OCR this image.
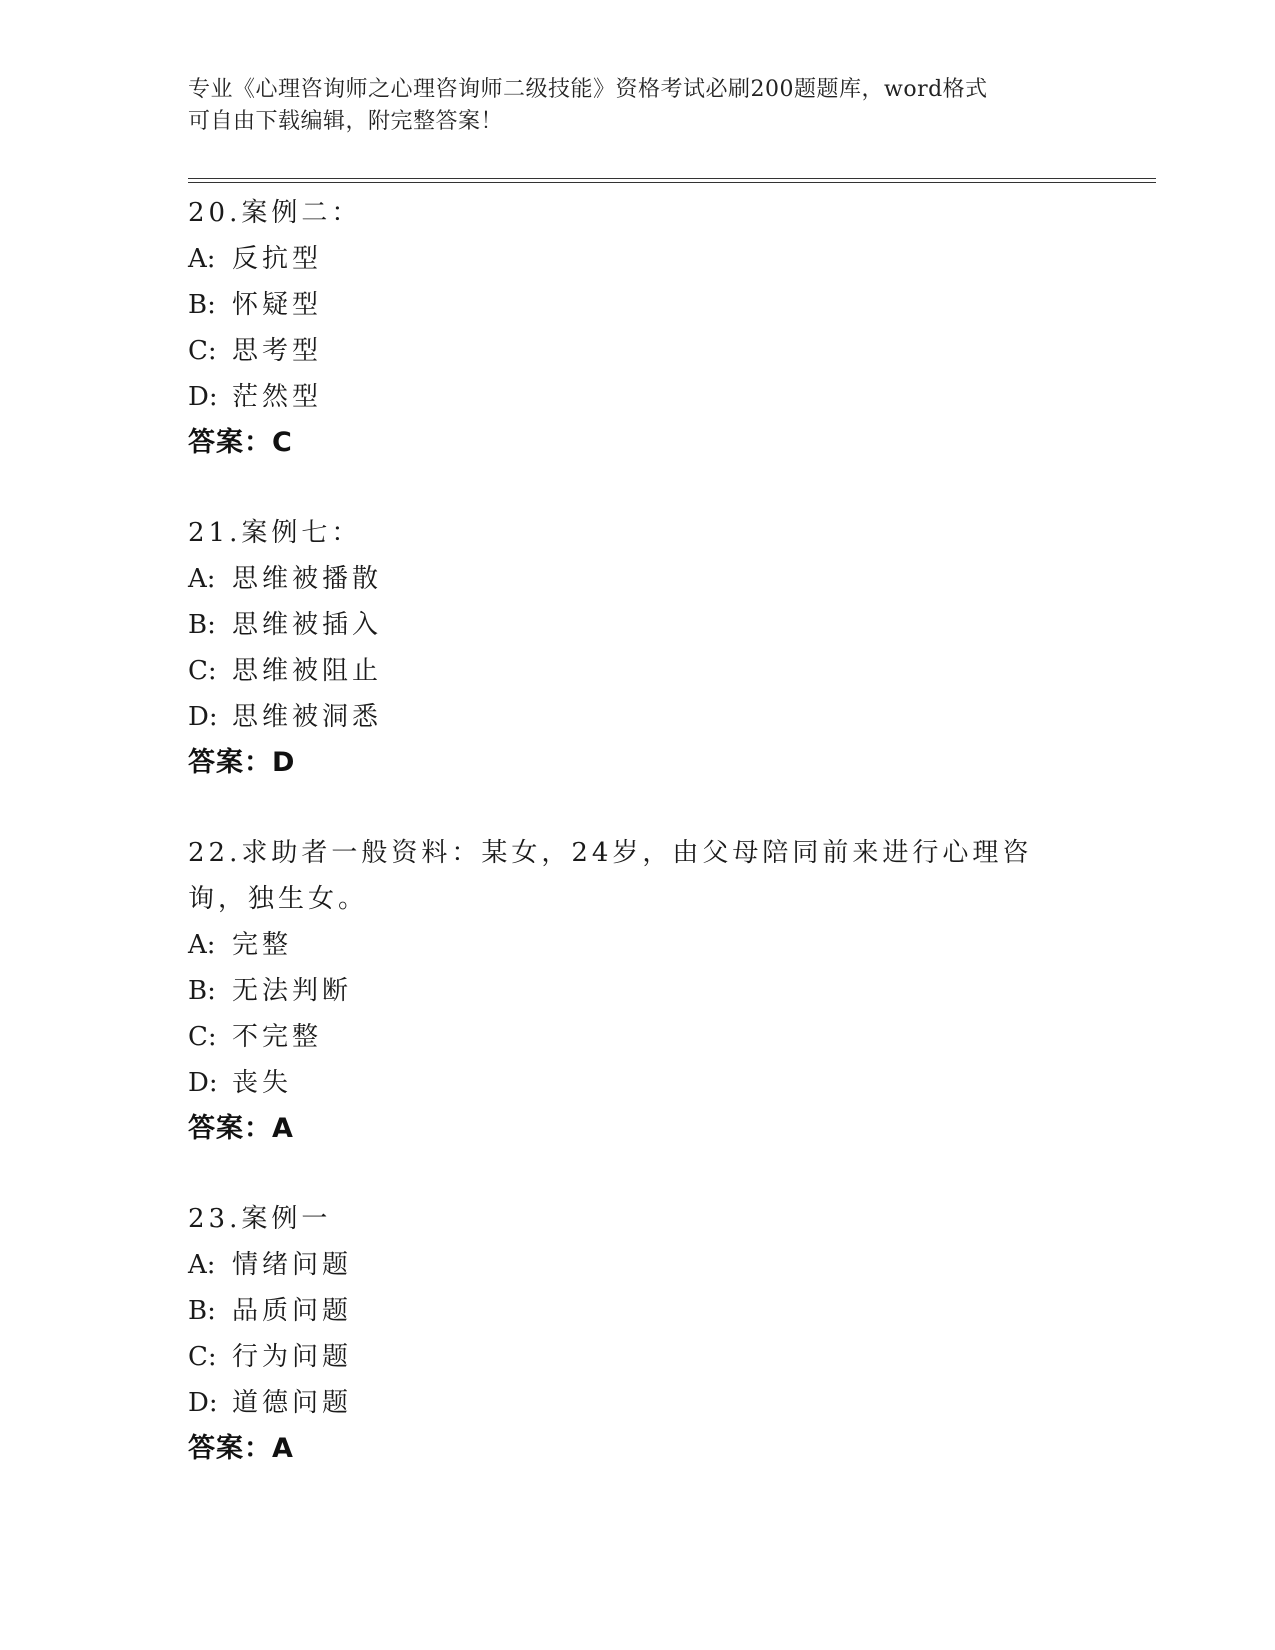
专业《心理咨询师之心理咨询师二级技能》资格考试必刷200题题库，word格式
可自由下载编辑，附完整答案！
20.案例二：
A: 反抗型
B: 怀疑型
C: 思考型
D: 茫然型
答案：C
21.案例七：
A: 思维被播散
B: 思维被插入
C: 思维被阻止
D: 思维被洞悉
答案：D
22.求助者一般资料：某女，24岁，由父母陪同前来进行心理咨询，独生女。
A: 完整
B: 无法判断
C: 不完整
D: 丧失
答案：A
23.案例一
A: 情绪问题
B: 品质问题
C: 行为问题
D: 道德问题
答案：A
